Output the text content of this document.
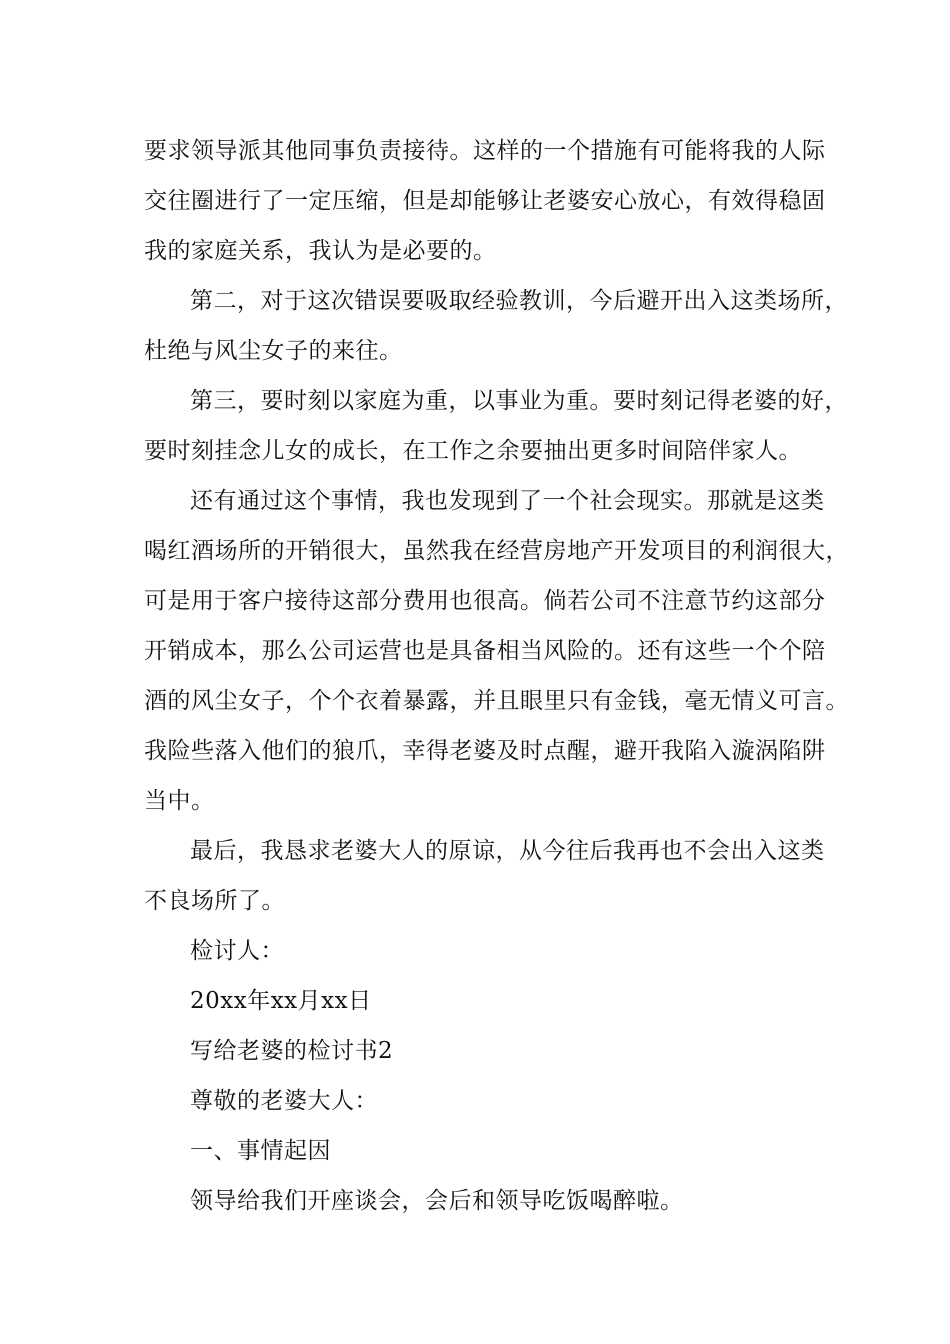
要求领导派其他同事负责接待。这样的一个措施有可能将我的人际
交往圈进行了一定压缩，但是却能够让老婆安心放心，有效得稳固
我的家庭关系，我认为是必要的。
第二，对于这次错误要吸取经验教训，今后避开出入这类场所，
杜绝与风尘女子的来往。
第三，要时刻以家庭为重，以事业为重。要时刻记得老婆的好，
要时刻挂念儿女的成长，在工作之余要抽出更多时间陪伴家人。
还有通过这个事情，我也发现到了一个社会现实。那就是这类
喝红酒场所的开销很大，虽然我在经营房地产开发项目的利润很大，
可是用于客户接待这部分费用也很高。倘若公司不注意节约这部分
开销成本，那么公司运营也是具备相当风险的。还有这些一个个陪
酒的风尘女子，个个衣着暴露，并且眼里只有金钱，毫无情义可言。
我险些落入他们的狼爪，幸得老婆及时点醒，避开我陷入漩涡陷阱
当中。
最后，我恳求老婆大人的原谅，从今往后我再也不会出入这类
不良场所了。
检讨人：
20xx年xx月xx日
写给老婆的检讨书2
尊敬的老婆大人：
一、事情起因
领导给我们开座谈会，会后和领导吃饭喝醉啦。
